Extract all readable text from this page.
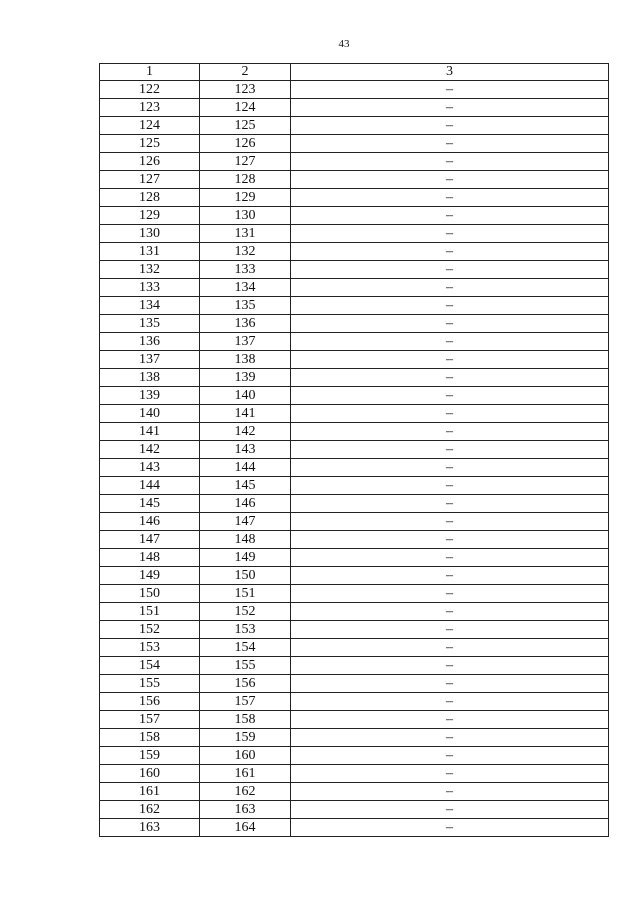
43
1	2	3
122	123	–
123	124	–
124	125	–
125	126	–
126	127	–
127	128	–
128	129	–
129	130	–
130	131	–
131	132	–
132	133	–
133	134	–
134	135	–
135	136	–
136	137	–
137	138	–
138	139	–
139	140	–
140	141	–
141	142	–
142	143	–
143	144	–
144	145	–
145	146	–
146	147	–
147	148	–
148	149	–
149	150	–
150	151	–
151	152	–
152	153	–
153	154	–
154	155	–
155	156	–
156	157	–
157	158	–
158	159	–
159	160	–
160	161	–
161	162	–
162	163	–
163	164	–
